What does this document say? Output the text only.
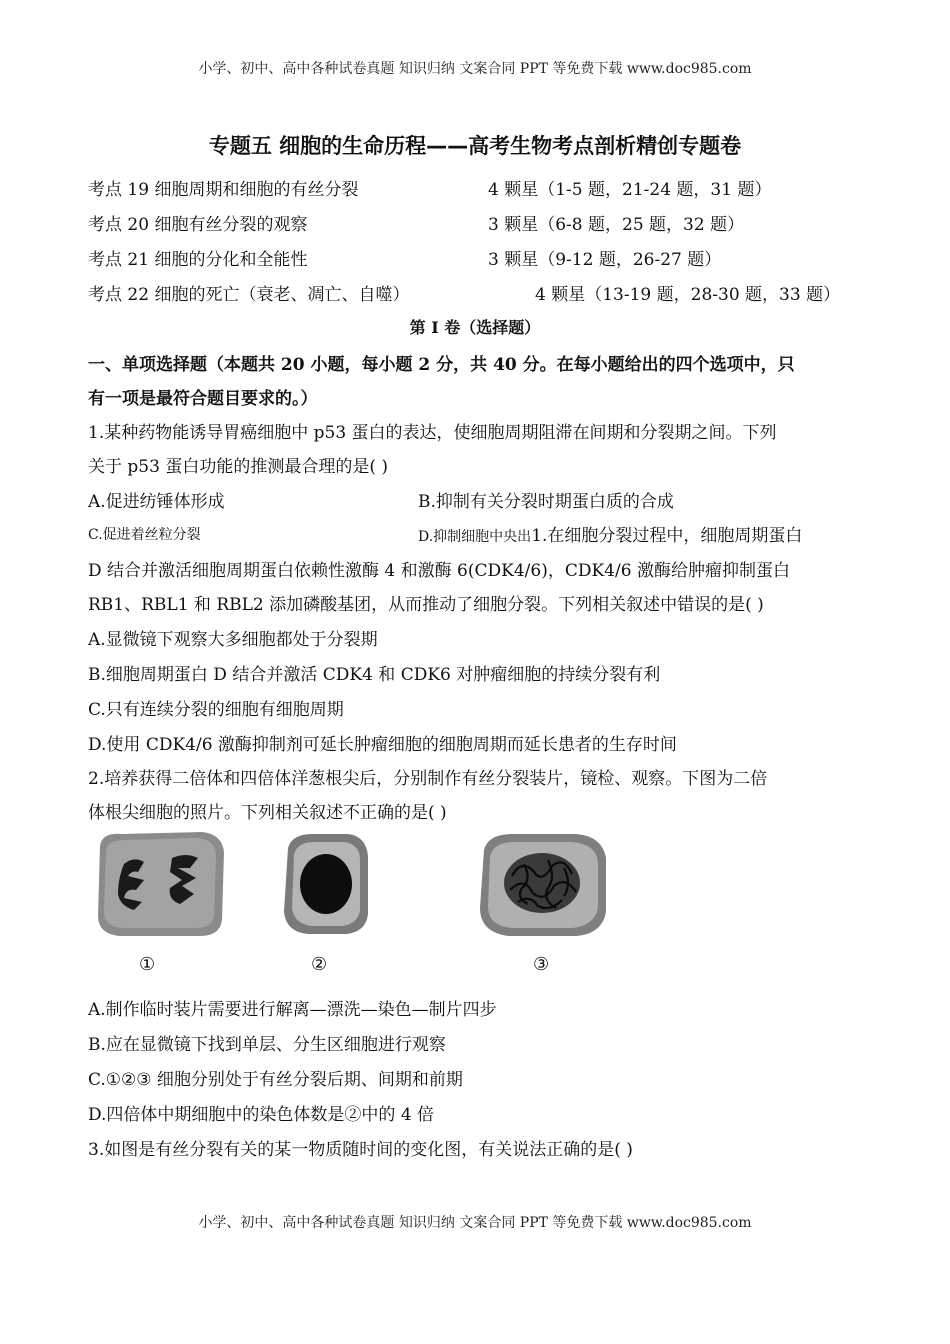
小学、初中、高中各种试卷真题 知识归纳 文案合同 PPT 等免费下载 www.doc985.com
专题五 细胞的生命历程——高考生物考点剖析精创专题卷
考点 19 细胞周期和细胞的有丝分裂	4 颗星（1-5 题，21-24 题，31 题）
考点 20 细胞有丝分裂的观察	3 颗星（6-8 题，25 题，32 题）
考点 21 细胞的分化和全能性	3 颗星（9-12 题，26-27 题）
考点 22 细胞的死亡（衰老、凋亡、自噬）	4 颗星（13-19 题，28-30 题，33 题）
第 I 卷（选择题）
一、单项选择题（本题共 20 小题，每小题 2 分，共 40 分。在每小题给出的四个选项中，只
有一项是最符合题目要求的。）
1.某种药物能诱导胃癌细胞中 p53 蛋白的表达，使细胞周期阻滞在间期和分裂期之间。下列
关于 p53 蛋白功能的推测最合理的是( )
A.促进纺锤体形成	B.抑制有关分裂时期蛋白质的合成
C.促进着丝粒分裂	D.抑制细胞中央出1.在细胞分裂过程中，细胞周期蛋白
D 结合并激活细胞周期蛋白依赖性激酶 4 和激酶 6(CDK4/6)，CDK4/6 激酶给肿瘤抑制蛋白
RB1、RBL1 和 RBL2 添加磷酸基团，从而推动了细胞分裂。下列相关叙述中错误的是( )
A.显微镜下观察大多细胞都处于分裂期
B.细胞周期蛋白 D 结合并激活 CDK4 和 CDK6 对肿瘤细胞的持续分裂有利
C.只有连续分裂的细胞有细胞周期
D.使用 CDK4/6 激酶抑制剂可延长肿瘤细胞的细胞周期而延长患者的生存时间
2.培养获得二倍体和四倍体洋葱根尖后，分别制作有丝分裂装片，镜检、观察。下图为二倍
体根尖细胞的照片。下列相关叙述不正确的是( )
①	②	③
A.制作临时装片需要进行解离—漂洗—染色—制片四步
B.应在显微镜下找到单层、分生区细胞进行观察
C.①②③ 细胞分别处于有丝分裂后期、间期和前期
D.四倍体中期细胞中的染色体数是②中的 4 倍
3.如图是有丝分裂有关的某一物质随时间的变化图，有关说法正确的是( )
小学、初中、高中各种试卷真题 知识归纳 文案合同 PPT 等免费下载 www.doc985.com
